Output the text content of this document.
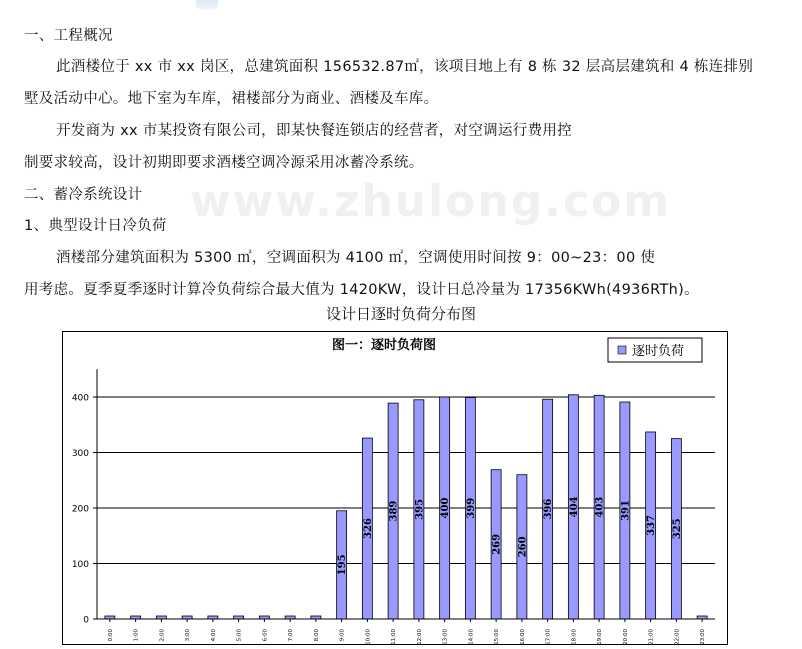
一、工程概况
此酒楼位于 xx 市 xx 岗区，总建筑面积 156532.87㎡，该项目地上有 8 栋 32 层高层建筑和 4 栋连排别
墅及活动中心。地下室为车库，裙楼部分为商业、酒楼及车库。
开发商为 xx 市某投资有限公司，即某快餐连锁店的经营者，对空调运行费用控
制要求较高，设计初期即要求酒楼空调冷源采用冰蓄冷系统。
www.zhulong.com
二、蓄冷系统设计
1、典型设计日冷负荷
酒楼部分建筑面积为 5300 ㎡，空调面积为 4100 ㎡，空调使用时间按 9：00~23：00 使
用考虑。夏季夏季逐时计算冷负荷综合最大值为 1420KW，设计日总冷量为 17356KWh(4936RTh)。
设计日逐时负荷分布图
图一：逐时负荷图	逐时负荷
0
100
200
300
400
0:00	1:00	2:00	3:00	4:00	5:00	6:00	7:00	8:00
195
9:00
326
10:00
389
11:00
395
12:00
400
13:00
399
14:00
269
15:00
260
16:00
396
17:00
404
18:00
403
19:00
391
20:00
337
21:00
325
22:00	23:00
